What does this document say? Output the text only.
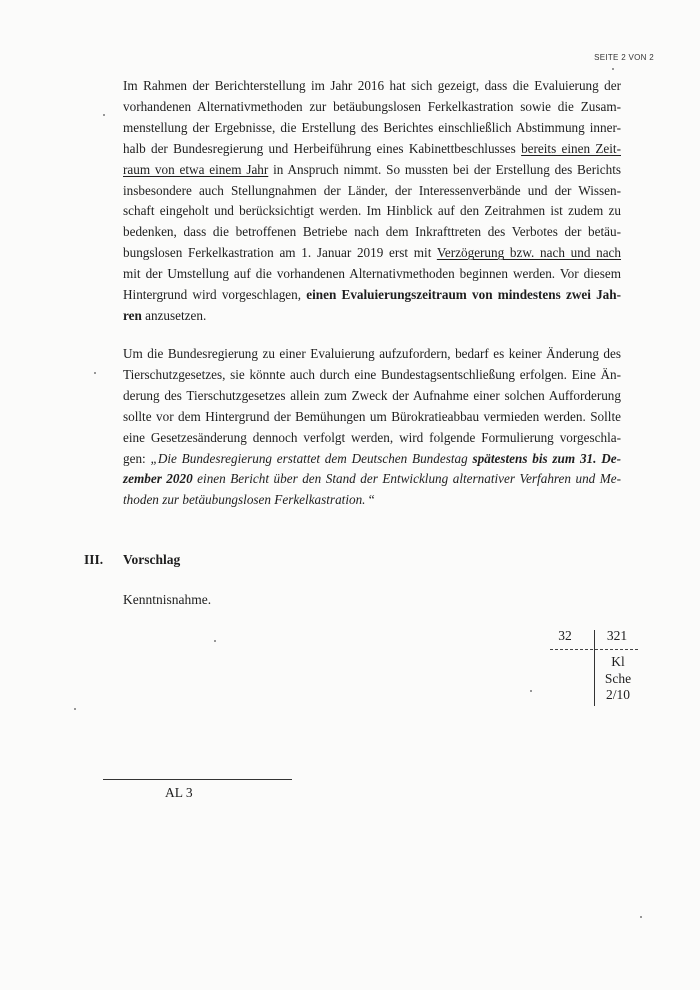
SEITE 2 VON 2
Im Rahmen der Berichterstellung im Jahr 2016 hat sich gezeigt, dass die Evaluierung der
vorhandenen Alternativmethoden zur betäubungslosen Ferkelkastration sowie die Zusam-
menstellung der Ergebnisse, die Erstellung des Berichtes einschließlich Abstimmung inner-
halb der Bundesregierung und Herbeiführung eines Kabinettbeschlusses bereits einen Zeit-
raum von etwa einem Jahr in Anspruch nimmt. So mussten bei der Erstellung des Berichts
insbesondere auch Stellungnahmen der Länder, der Interessenverbände und der Wissen-
schaft eingeholt und berücksichtigt werden. Im Hinblick auf den Zeitrahmen ist zudem zu
bedenken, dass die betroffenen Betriebe nach dem Inkrafttreten des Verbotes der betäu-
bungslosen Ferkelkastration am 1. Januar 2019 erst mit Verzögerung bzw. nach und nach
mit der Umstellung auf die vorhandenen Alternativmethoden beginnen werden. Vor diesem
Hintergrund wird vorgeschlagen, einen Evaluierungszeitraum von mindestens zwei Jah-
ren anzusetzen.
Um die Bundesregierung zu einer Evaluierung aufzufordern, bedarf es keiner Änderung des
Tierschutzgesetzes, sie könnte auch durch eine Bundestagsentschließung erfolgen. Eine Än-
derung des Tierschutzgesetzes allein zum Zweck der Aufnahme einer solchen Aufforderung
sollte vor dem Hintergrund der Bemühungen um Bürokratieabbau vermieden werden. Sollte
eine Gesetzesänderung dennoch verfolgt werden, wird folgende Formulierung vorgeschla-
gen: „Die Bundesregierung erstattet dem Deutschen Bundestag spätestens bis zum 31. De-
zember 2020 einen Bericht über den Stand der Entwicklung alternativer Verfahren und Me-
thoden zur betäubungslosen Ferkelkastration. “
III. Vorschlag
Kenntnisnahme.
32	321
Kl
Sche
2/10
AL 3
